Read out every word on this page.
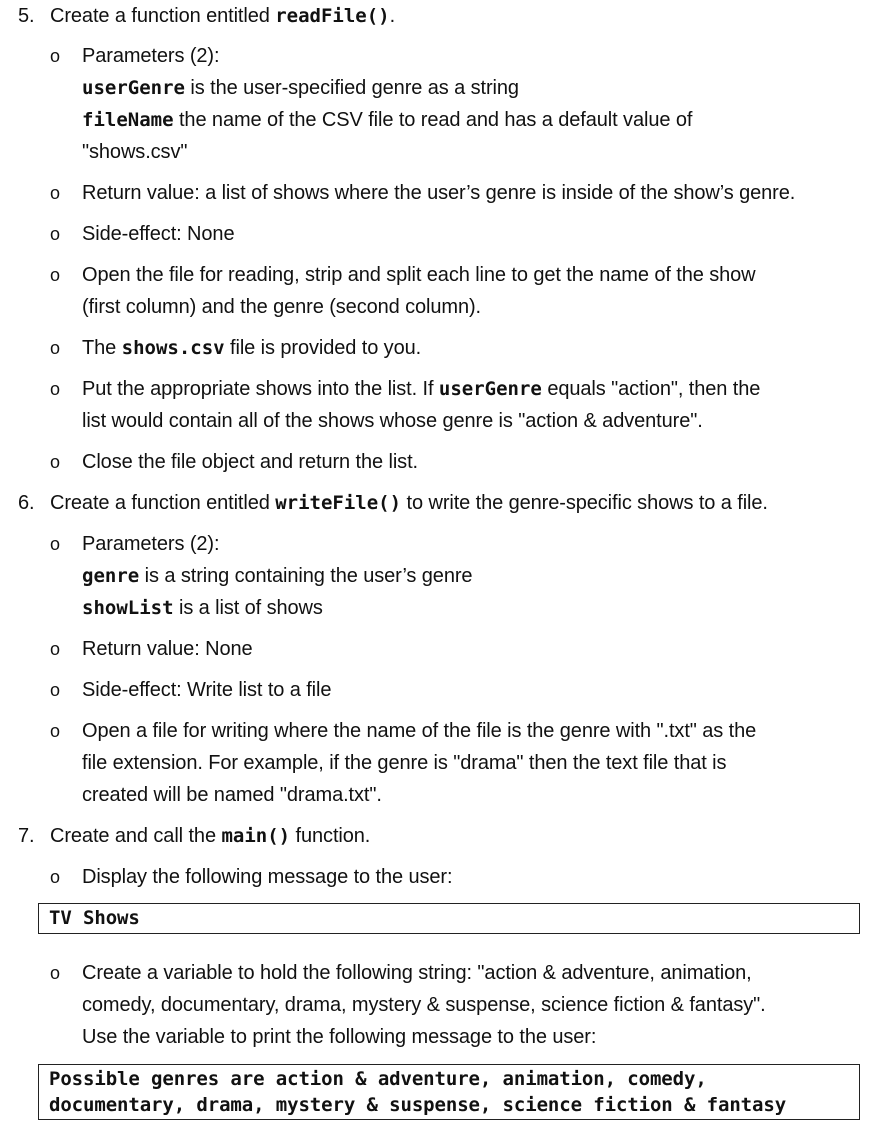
5. Create a function entitled readFile().
o Parameters (2):
userGenre is the user-specified genre as a string
fileName the name of the CSV file to read and has a default value of
"shows.csv"
o Return value: a list of shows where the user’s genre is inside of the show’s genre.
o Side-effect: None
o Open the file for reading, strip and split each line to get the name of the show
(first column) and the genre (second column).
o The shows.csv file is provided to you.
o Put the appropriate shows into the list. If userGenre equals "action", then the
list would contain all of the shows whose genre is "action & adventure".
o Close the file object and return the list.
6. Create a function entitled writeFile() to write the genre-specific shows to a file.
o Parameters (2):
genre is a string containing the user’s genre
showList is a list of shows
o Return value: None
o Side-effect: Write list to a file
o Open a file for writing where the name of the file is the genre with ".txt" as the
file extension. For example, if the genre is "drama" then the text file that is
created will be named "drama.txt".
7. Create and call the main() function.
o Display the following message to the user:
TV Shows
o Create a variable to hold the following string: "action & adventure, animation,
comedy, documentary, drama, mystery & suspense, science fiction & fantasy".
Use the variable to print the following message to the user:
Possible genres are action & adventure, animation, comedy,
documentary, drama, mystery & suspense, science fiction & fantasy
